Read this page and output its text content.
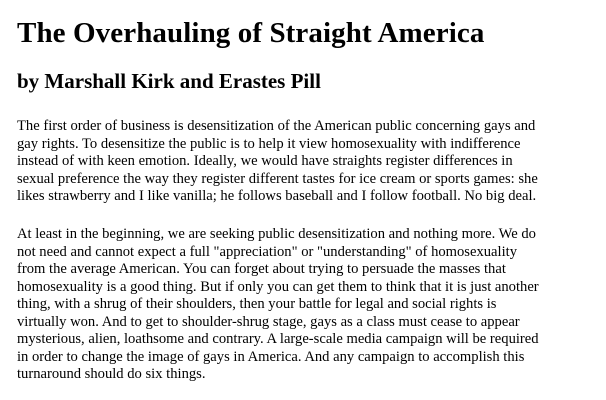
The Overhauling of Straight America
by Marshall Kirk and Erastes Pill

The first order of business is desensitization of the American public concerning gays and
gay rights. To desensitize the public is to help it view homosexuality with indifference
instead of with keen emotion. Ideally, we would have straights register differences in
sexual preference the way they register different tastes for ice cream or sports games: she
likes strawberry and I like vanilla; he follows baseball and I follow football. No big deal.

At least in the beginning, we are seeking public desensitization and nothing more. We do
not need and cannot expect a full "appreciation" or "understanding" of homosexuality
from the average American. You can forget about trying to persuade the masses that
homosexuality is a good thing. But if only you can get them to think that it is just another
thing, with a shrug of their shoulders, then your battle for legal and social rights is
virtually won. And to get to shoulder-shrug stage, gays as a class must cease to appear
mysterious, alien, loathsome and contrary. A large-scale media campaign will be required
in order to change the image of gays in America. And any campaign to accomplish this
turnaround should do six things.
